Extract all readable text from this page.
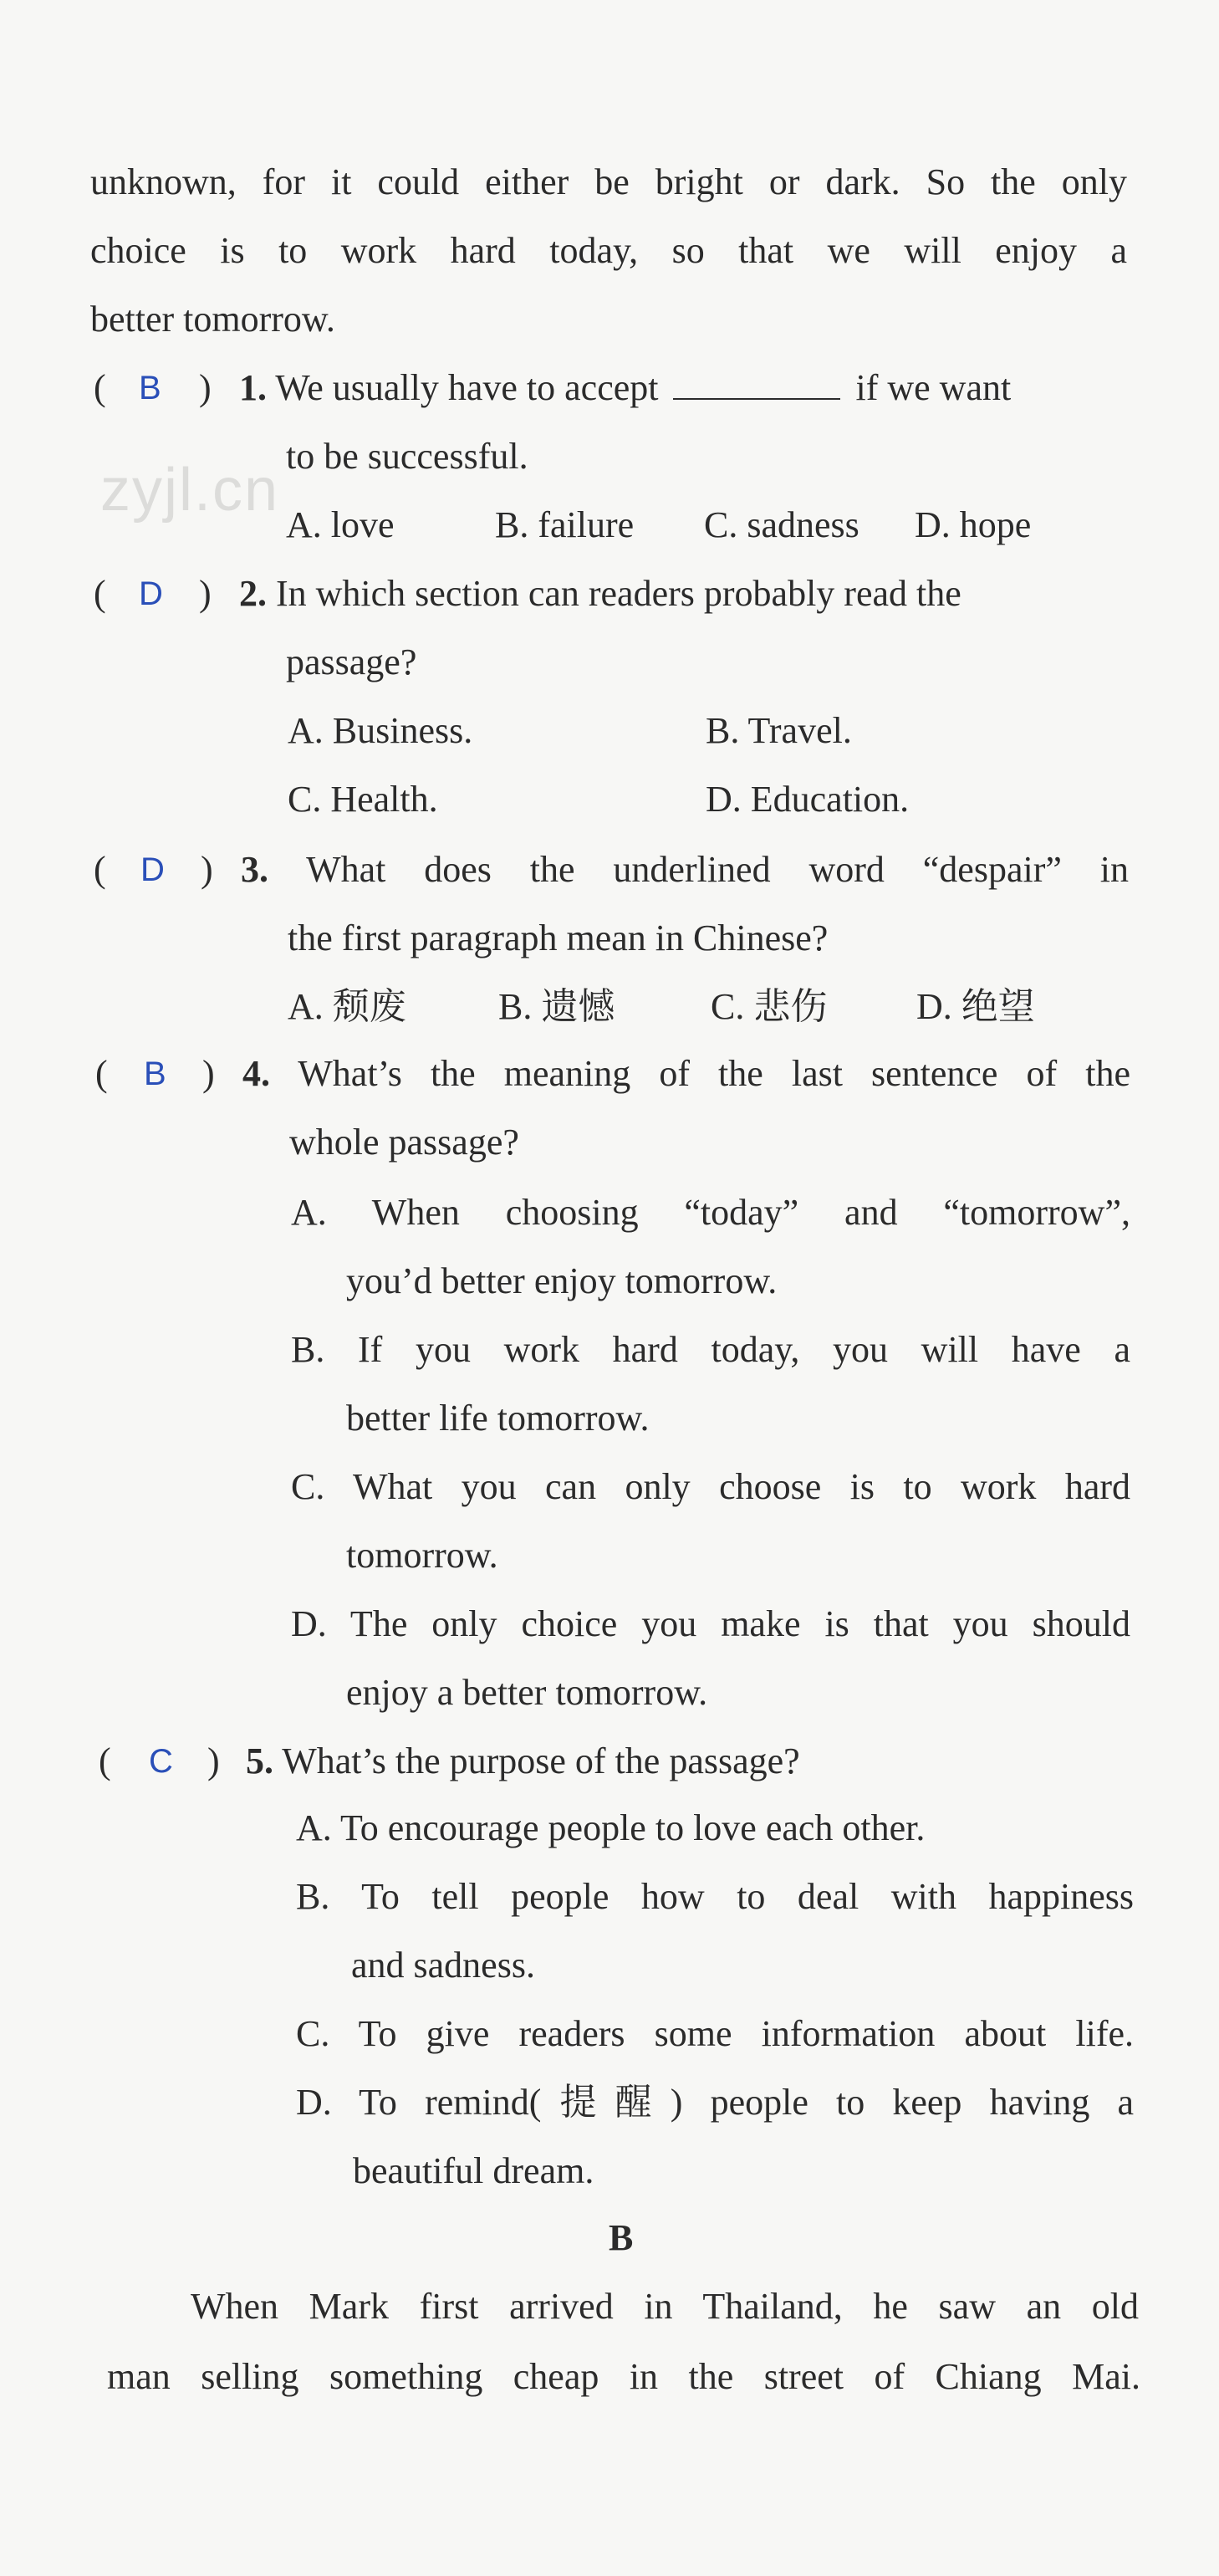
zyjl.cn
unknown, for it could either be bright or dark. So the only
choice is to work hard today, so that we will enjoy a
better tomorrow.
( B ) 1. We usually have to accept	if we want
to be successful.
A. love	B. failure C. sadness D. hope
( D ) 2. In which section can readers probably read the
passage?
A. Business.	B. Travel.
C. Health.	D. Education.
( D ) 3. What does the underlined word “despair” in
the first paragraph mean in Chinese?
A. 颓废	B. 遗憾	C. 悲伤 D. 绝望
( B ) 4. What’s the meaning of the last sentence of the
whole passage?
A. When choosing “today” and “tomorrow”,
you’d better enjoy tomorrow.
B. If you work hard today, you will have a
better life tomorrow.
C. What you can only choose is to work hard
tomorrow.
D. The only choice you make is that you should
enjoy a better tomorrow.
( C ) 5. What’s the purpose of the passage?
A. To encourage people to love each other.
B. To tell people how to deal with happiness
and sadness.
C. To give readers some information about life.
D. To remind(提醒) people to keep having a
beautiful dream.
B
When Mark first arrived in Thailand, he saw an old
man selling something cheap in the street of Chiang Mai.
